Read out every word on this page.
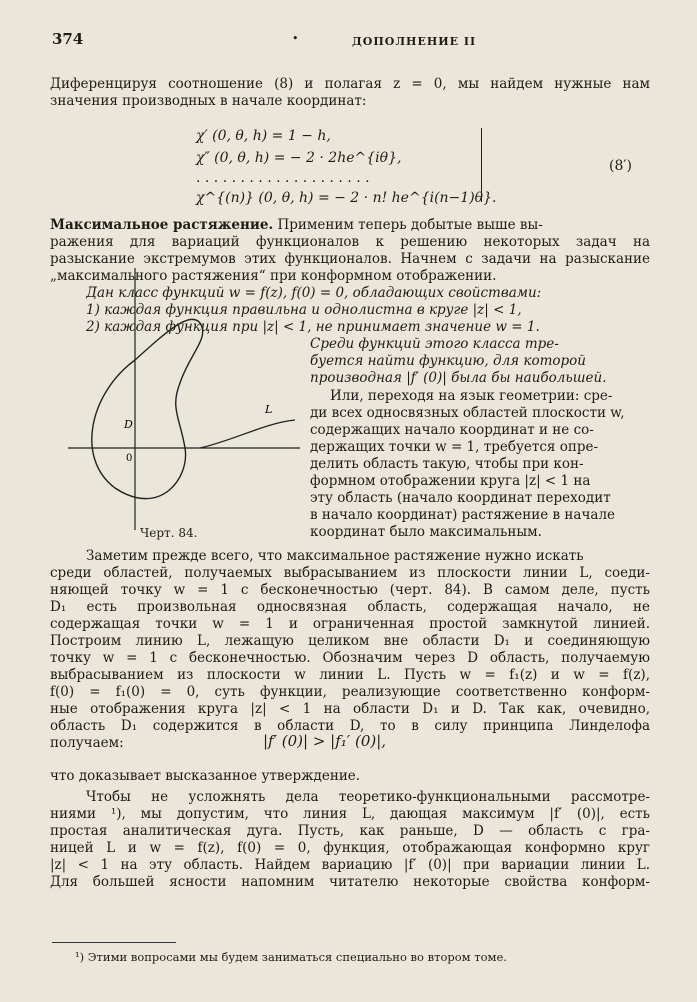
374	•	ДОПОЛНЕНИЕ II
Диференцируя соотношение (8) и полагая z = 0, мы найдем нужные нам
значения производных в начале координат:
χ′ (0, θ, h) = 1 − h,
χ″ (0, θ, h) = − 2 · 2he^{iθ},
. . . . . . . . . . . . . . . . . . . .
χ^{(n)} (0, θ, h) = − 2 · n! he^{i(n−1)θ}.
(8′)
Максимальное растяжение. Применим теперь добытые выше вы-
ражения для вариаций функционалов к решению некоторых задач на
разыскание экстремумов этих функционалов. Начнем с задачи на разыскание
„максимального растяжения“ при конформном отображении.
Дан класс функций w = f(z), f(0) = 0, обладающих свойствами:
1) каждая функция правильна и однолистна в круге |z| < 1,
2) каждая функция при |z| < 1, не принимает значение w = 1.
Среди функций этого класса тре-
буется найти функцию, для которой
производная |f′ (0)| была бы наибольшей.
Или, переходя на язык геометрии: сре-
ди всех односвязных областей плоскости w,
содержащих начало координат и не со-
держащих точки w = 1, требуется опре-
делить область такую, чтобы при кон-
формном отображении круга |z| < 1 на
эту область (начало координат переходит
в начало координат) растяжение в начале
координат было максимальным.
D
0
L
Черт. 84.
Заметим прежде всего, что максимальное растяжение нужно искать
среди областей, получаемых выбрасыванием из плоскости линии L, соеди-
няющей точку w = 1 с бесконечностью (черт. 84). В самом деле, пусть
D₁ есть произвольная односвязная область, содержащая начало, не
содержащая точки w = 1 и ограниченная простой замкнутой линией.
Построим линию L, лежащую целиком вне области D₁ и соединяющую
точку w = 1 с бесконечностью. Обозначим через D область, получаемую
выбрасыванием из плоскости w линии L. Пусть w = f₁(z) и w = f(z),
f(0) = f₁(0) = 0, суть функции, реализующие соответственно конформ-
ные отображения круга |z| < 1 на области D₁ и D. Так как, очевидно,
область D₁ содержится в области D, то в силу принципа Линделофа
получаем:	|f′ (0)| > |f₁′ (0)|,
что доказывает высказанное утверждение.
Чтобы не усложнять дела теоретико-функциональными рассмотре-
ниями ¹), мы допустим, что линия L, дающая максимум |f′ (0)|, есть
простая аналитическая дуга. Пусть, как раньше, D — область с гра-
ницей L и w = f(z), f(0) = 0, функция, отображающая конформно круг
|z| < 1 на эту область. Найдем вариацию |f′ (0)| при вариации линии L.
Для большей ясности напомним читателю некоторые свойства конформ-
¹) Этими вопросами мы будем заниматься специально во втором томе.
